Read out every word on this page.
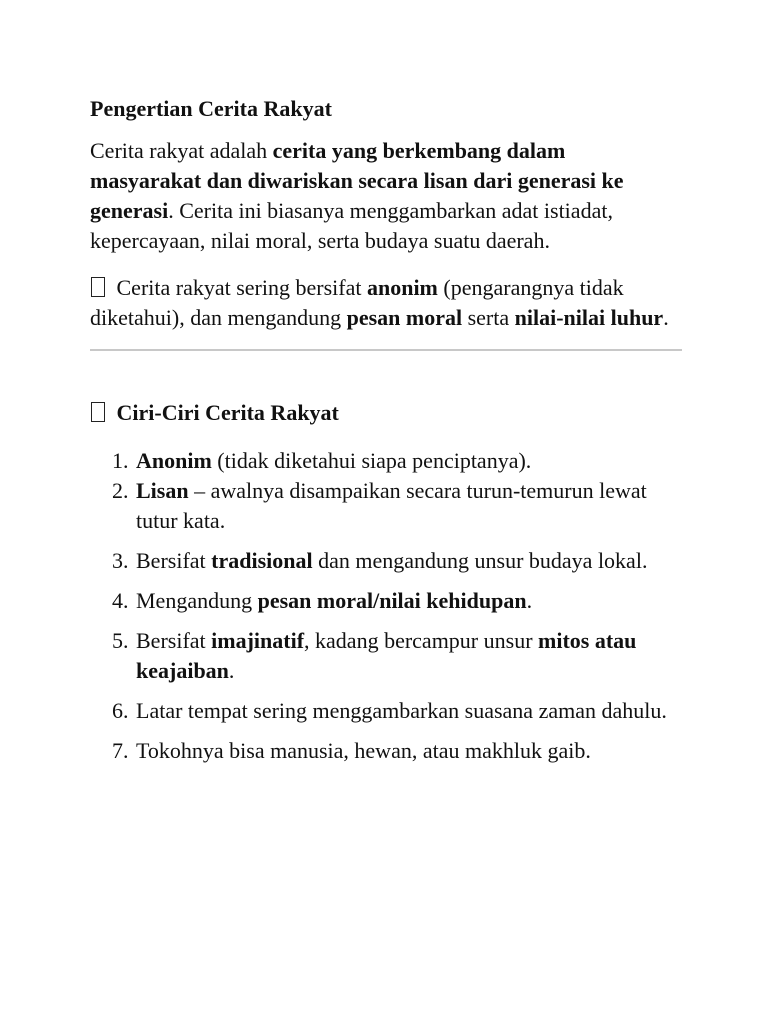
Pengertian Cerita Rakyat

Cerita rakyat adalah cerita yang berkembang dalam masyarakat dan diwariskan secara lisan dari generasi ke generasi. Cerita ini biasanya menggambarkan adat istiadat, kepercayaan, nilai moral, serta budaya suatu daerah.

Cerita rakyat sering bersifat anonim (pengarangnya tidak diketahui), dan mengandung pesan moral serta nilai-nilai luhur.

Ciri-Ciri Cerita Rakyat
1. Anonim (tidak diketahui siapa penciptanya).
2. Lisan – awalnya disampaikan secara turun-temurun lewat tutur kata.
3. Bersifat tradisional dan mengandung unsur budaya lokal.
4. Mengandung pesan moral/nilai kehidupan.
5. Bersifat imajinatif, kadang bercampur unsur mitos atau keajaiban.
6. Latar tempat sering menggambarkan suasana zaman dahulu.
7. Tokohnya bisa manusia, hewan, atau makhluk gaib.
